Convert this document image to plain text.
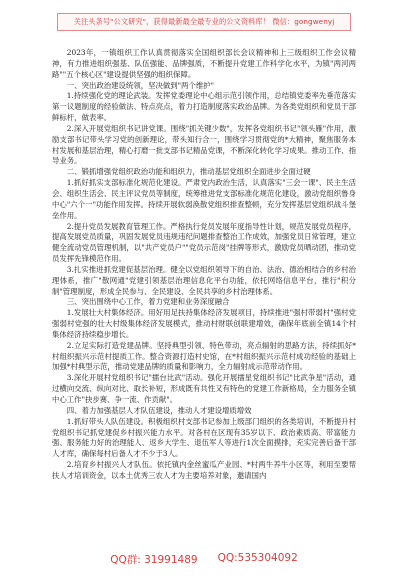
关注头条号"公文研究"，获得最新最全最专业的公文资料库！ 微信：gongwenyj

2023年，一镇组织工作认真贯彻落实全国组织部长会议精神和上三级组织工作会议精神，有力推进组织强基、队伍强能、品牌强质，不断提升党建工作科学化水平，为镇"两河两路""五个核心区"建设提供坚强的组织保障。

一、突出政治建设统领，坚决做到"两个维护"

1.持续强化党的理论武装。发挥党委理论中心组示范引领作用，总结镇党委率先垂范落实第一议题制度的经验做法、特点亮点，着力打造制度落实政治品牌。为各类党组织和党员干部鲜标杆，做表率。

2.深入开展党组织书记讲党课。围绕"抓关键少数"，发挥各党组织书记"领头雁"作用，激励支部书记带头学习党的创新理论，带头知行合一，围绕学习贯彻党的*大精神，聚焦服务本村发展和基层治理，精心打磨一批支部书记精品党课，不断深化转化学习成果。推动工作、指导业务。

二、锻抓增强党组织政治功能和组织力，推动基层党组织全面进步全面过硬

1.抓好抓实支部标准化规范化建设。严肃党内政治生活，认真落实"三会一课"、民主生活会、组织生活会、民主评议党员等制度，统筹推进党支部标准化规范化建设，激动党组织鲁身中心"六个一"功能作用发挥。持续开展软弱涣散党组织排查整顿，充分发挥基层党组织战斗堡垒作用。

2.提升党员发展教育管理工作。严格执行党员发展年度指导性计划，规范发展党员程序，提高发展党员质量，巩固发展党员违规违纪问题排查整治工作成效，加强党员日常管理，建立健全流动党员管理机制，以"共产党员户""党员示范岗"挂牌等形式，激励党员晒动团，推动党员发挥先锋模范作用。

3.扎实推进抓党建促基层治理。健全以党组织领导下的自治、法治、德治相结合的乡村治理体系，推广"散网通"党建引领基层治理信息化平台功能，依托网络信息平台，推行"积分制"管理制度，形成全民参与、全民建设、全民共享的乡村治理体系。

三、突出围绕中心工作，着力党建和业务深度融合

1.发展壮大村集体经济。用好用足扶持集体经济发展项目，持续推进"强村带弱村"强村党强弱村党强的壮大村级集体经济发展模式，推动村财联创联建增效，确保年底前全镇14个村集体经济持续稳步增长。

2.立足实际打造党建品牌。坚持典型引领、特色带动，亮点辐射的思路方法，持续抓好*村组织振兴示范村提质工作。整合资源打造村史馆，在*村组织振兴示范村成功经验的基础上加强*村典型示范，推动党建品牌的质量和影响力，全力辐射成示范带动作用。

3.深化开展村党组织书记"擂台比武"活动。强化开展擂星党组织书记"比武争星"活动，通过横向交流、纵向对比、取长补短，形成既有共性又有特色的党建工作新格局，全力服务全镇中心工作"抉步赛、争一流、作贡献"。

四、着力加强基层人才队伍建设，推动人才建设增质增效

1.抓好带头人队伍建设。积极组织村支部书记参加上级部门组织的各类培训，不断提升村党组织书记抓党建促乡村振兴能力水平。对各村在区现有35岁以下、政治素质高、带富能力强、服务能力好的治理能人、返乡大学生、退伍军人等进行1次全面摸排，充实完善后备干部人才库，确保每村后备人才不少于3人。

2.培育乡村振兴人才队伍。依托镇内金丝蜜瓜产业园、*村两牛养牛小区等，利用至要帮扶人才培训资金，以本土优秀三农人才为主要培养对象，邀请国内

QQ群: 31991489 QQ:535304092
